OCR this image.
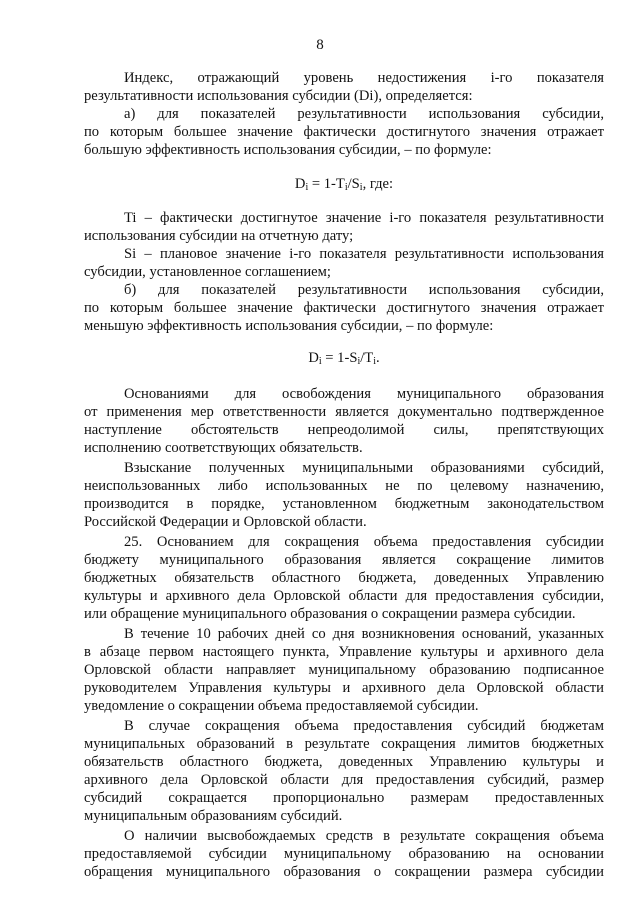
8
Индекс, отражающий уровень недостижения i-го показателя
результативности использования субсидии (Di), определяется:
а) для показателей результативности использования субсидии,
по которым большее значение фактически достигнутого значения отражает
большую эффективность использования субсидии, – по формуле:
Ti – фактически достигнутое значение i-го показателя результативности
использования субсидии на отчетную дату;
Si – плановое значение i-го показателя результативности использования
субсидии, установленное соглашением;
б) для показателей результативности использования субсидии,
по которым большее значение фактически достигнутого значения отражает
меньшую эффективность использования субсидии, – по формуле:
Основаниями для освобождения муниципального образования
от применения мер ответственности является документально подтвержденное
наступление обстоятельств непреодолимой силы, препятствующих
исполнению соответствующих обязательств.
Взыскание полученных муниципальными образованиями субсидий,
неиспользованных либо использованных не по целевому назначению,
производится в порядке, установленном бюджетным законодательством
Российской Федерации и Орловской области.
25. Основанием для сокращения объема предоставления субсидии
бюджету муниципального образования является сокращение лимитов
бюджетных обязательств областного бюджета, доведенных Управлению
культуры и архивного дела Орловской области для предоставления субсидии,
или обращение муниципального образования о сокращении размера субсидии.
В течение 10 рабочих дней со дня возникновения оснований, указанных
в абзаце первом настоящего пункта, Управление культуры и архивного дела
Орловской области направляет муниципальному образованию подписанное
руководителем Управления культуры и архивного дела Орловской области
уведомление о сокращении объема предоставляемой субсидии.
В случае сокращения объема предоставления субсидий бюджетам
муниципальных образований в результате сокращения лимитов бюджетных
обязательств областного бюджета, доведенных Управлению культуры и
архивного дела Орловской области для предоставления субсидий, размер
субсидий сокращается пропорционально размерам предоставленных
муниципальным образованиям субсидий.
О наличии высвобождаемых средств в результате сокращения объема
предоставляемой субсидии муниципальному образованию на основании
обращения муниципального образования о сокращении размера субсидии
$D_i = 1-T_i/S_i$, где:
$D_i = 1-S_i/T_i$.
